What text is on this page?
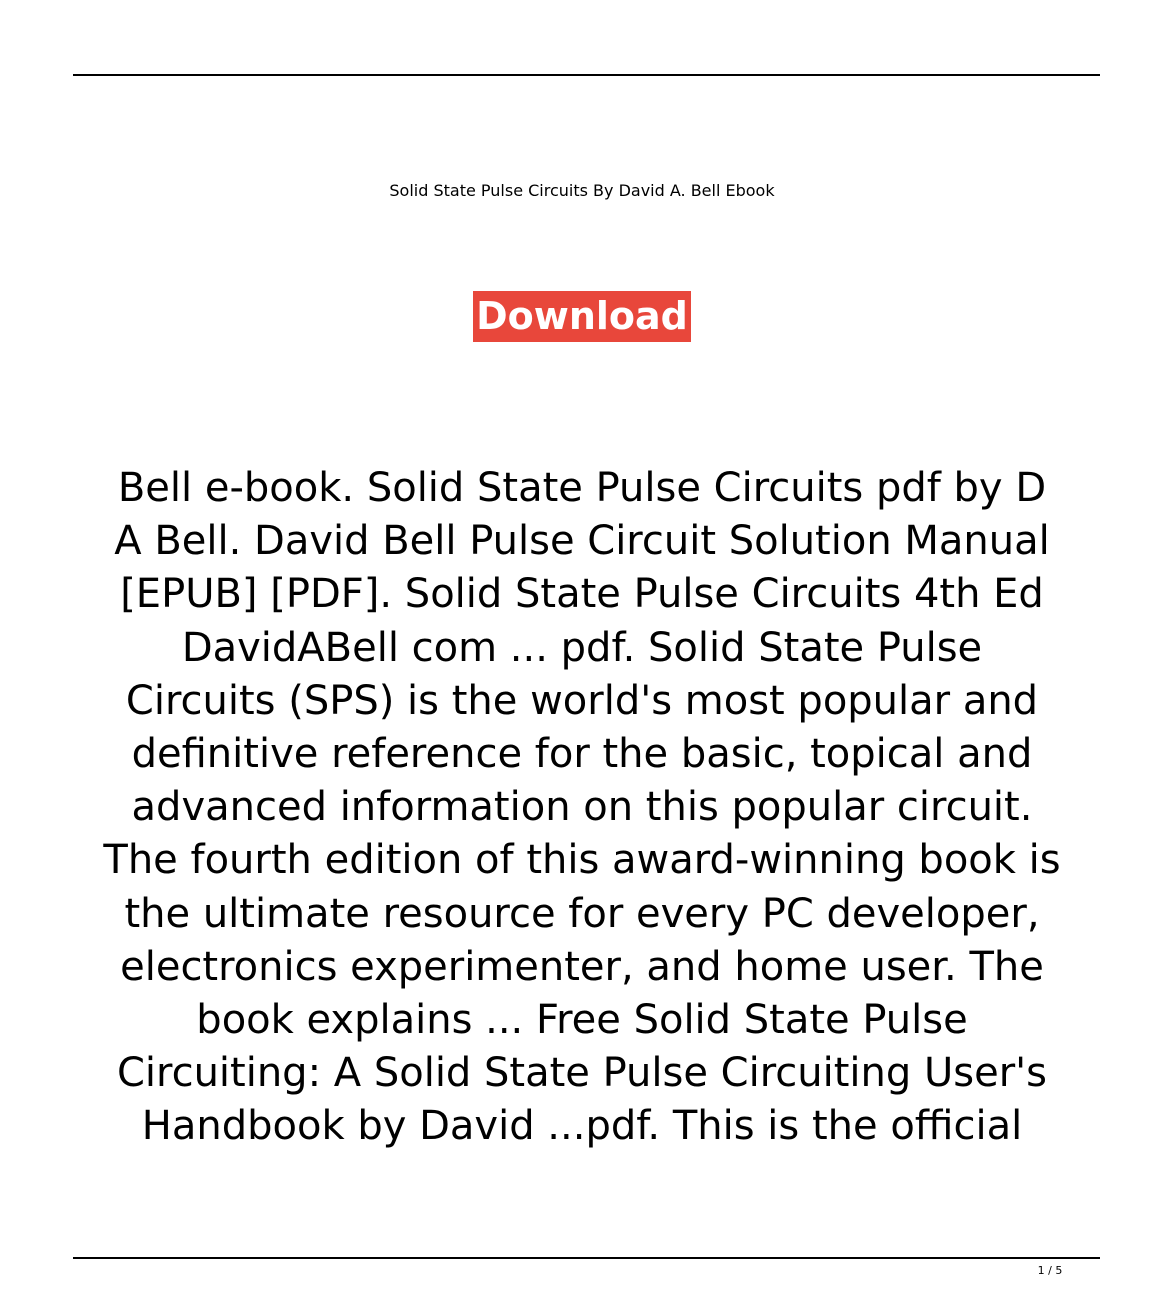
Solid State Pulse Circuits By David A. Bell Ebook
Download

Bell e-book. Solid State Pulse Circuits pdf by D
A Bell. David Bell Pulse Circuit Solution Manual
[EPUB] [PDF]. Solid State Pulse Circuits 4th Ed
DavidABell com ... pdf. Solid State Pulse
Circuits (SPS) is the world's most popular and
definitive reference for the basic, topical and
advanced information on this popular circuit.
The fourth edition of this award-winning book is
the ultimate resource for every PC developer,
electronics experimenter, and home user. The
book explains ... Free Solid State Pulse
Circuiting: A Solid State Pulse Circuiting User's
Handbook by David ...pdf. This is the official

1 / 5
